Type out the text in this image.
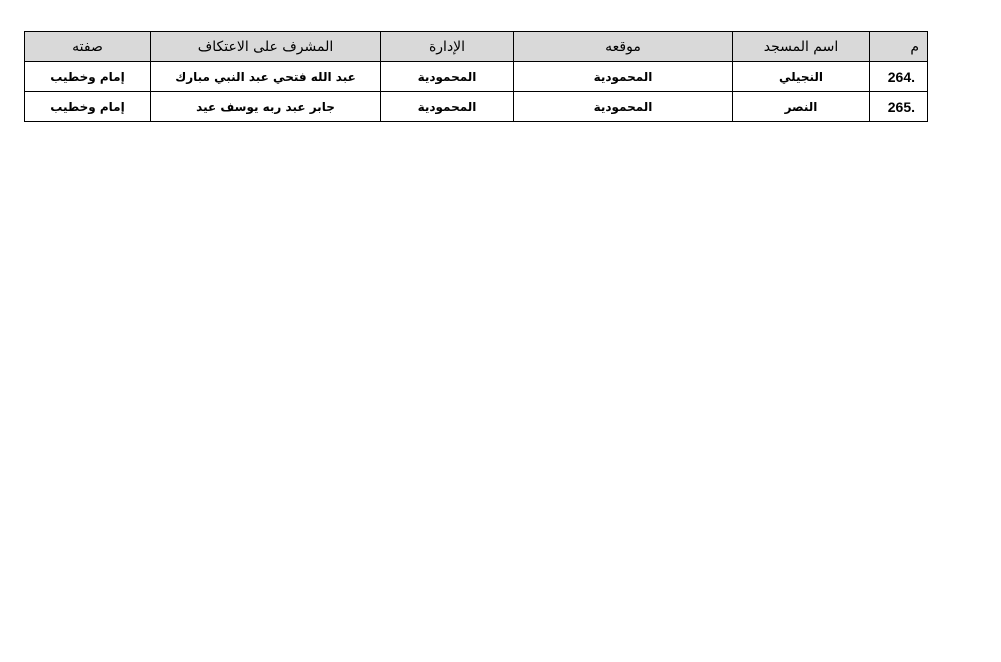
م	اسم المسجد	موقعه	الإدارة	المشرف على الاعتكاف	صفته
264.	النجيلي	المحمودية	المحمودية	عبد الله فتحي عبد النبي مبارك	إمام وخطيب
265.	النصر	المحمودية	المحمودية	جابر عبد ربه يوسف عيد	إمام وخطيب
